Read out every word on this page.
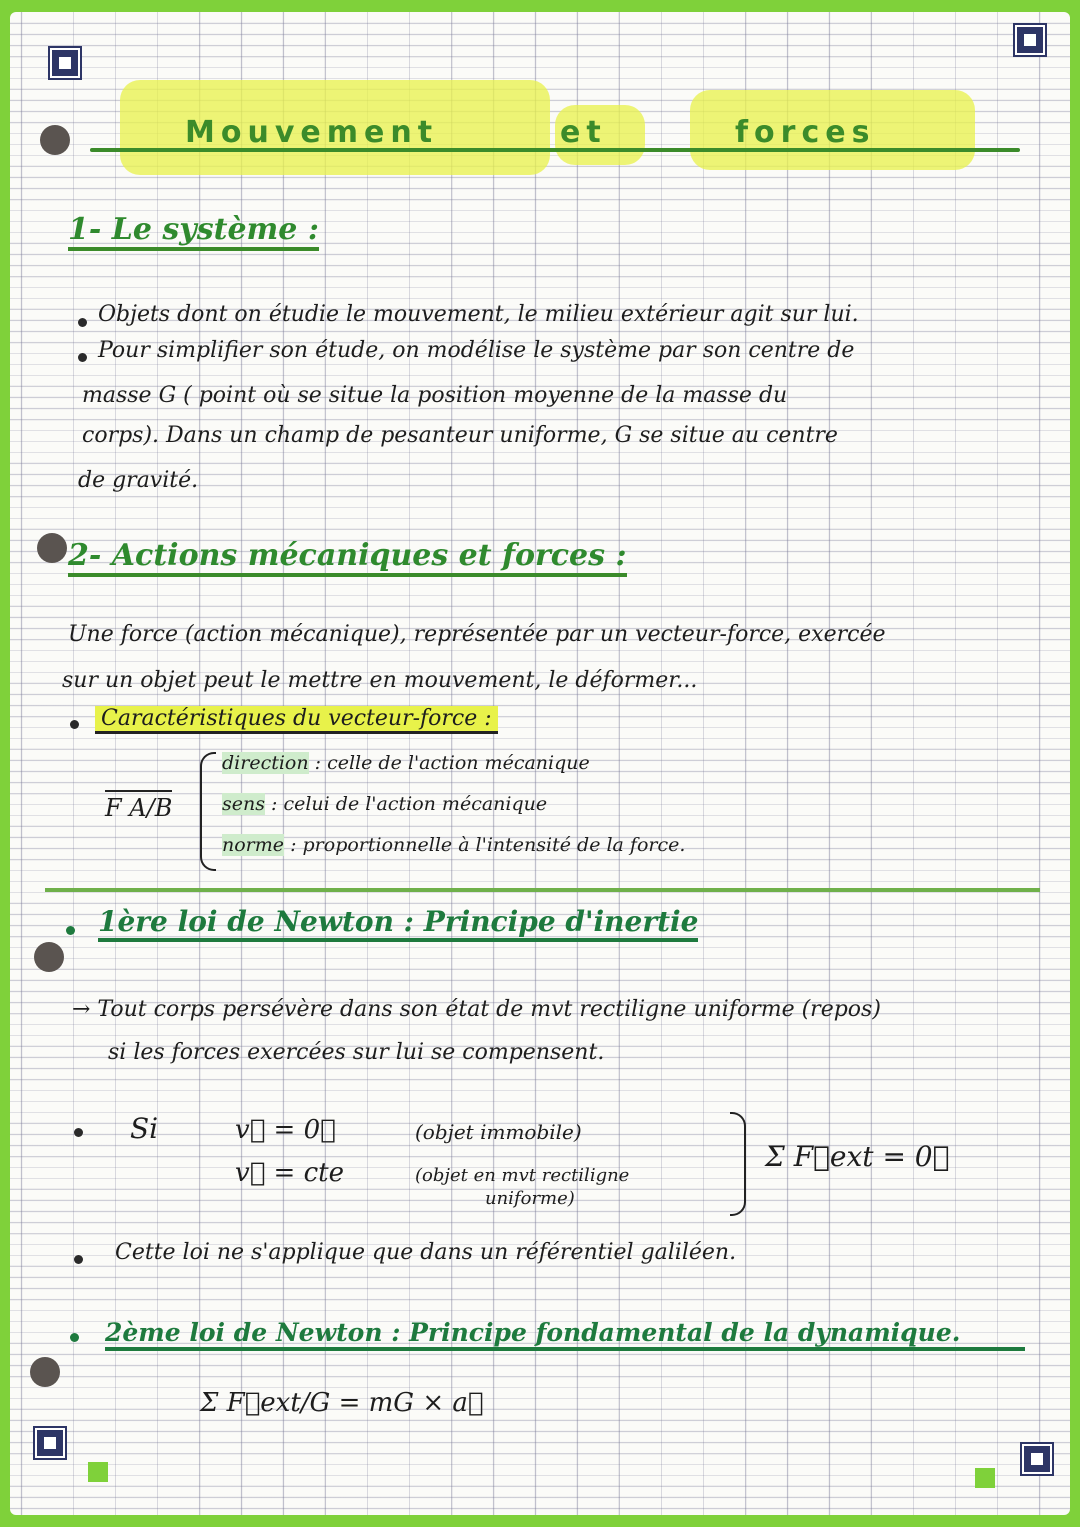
Mouvement	et	forces
1- Le système :
Objets dont on étudie le mouvement, le milieu extérieur agit sur lui.
Pour simplifier son étude, on modélise le système par son centre de
masse G ( point où se situe la position moyenne de la masse du
corps). Dans un champ de pesanteur uniforme, G se situe au centre
de gravité.
2- Actions mécaniques et forces :
Une force (action mécanique), représentée par un vecteur-force, exercée
sur un objet peut le mettre en mouvement, le déformer...
Caractéristiques du vecteur-force :
F A/B
direction : celle de l'action mécanique
sens : celui de l'action mécanique
norme : proportionnelle à l'intensité de la force.
1ère loi de Newton : Principe d'inertie
→ Tout corps persévère dans son état de mvt rectiligne uniforme (repos)
si les forces exercées sur lui se compensent.
Si	v⃗ = 0⃗	(objet immobile)
v⃗ = cte	(objet en mvt rectiligne
uniforme)
Σ F⃗ext = 0⃗
Cette loi ne s'applique que dans un référentiel galiléen.
2ème loi de Newton : Principe fondamental de la dynamique.
Σ F⃗ext/G = mG × a⃗
